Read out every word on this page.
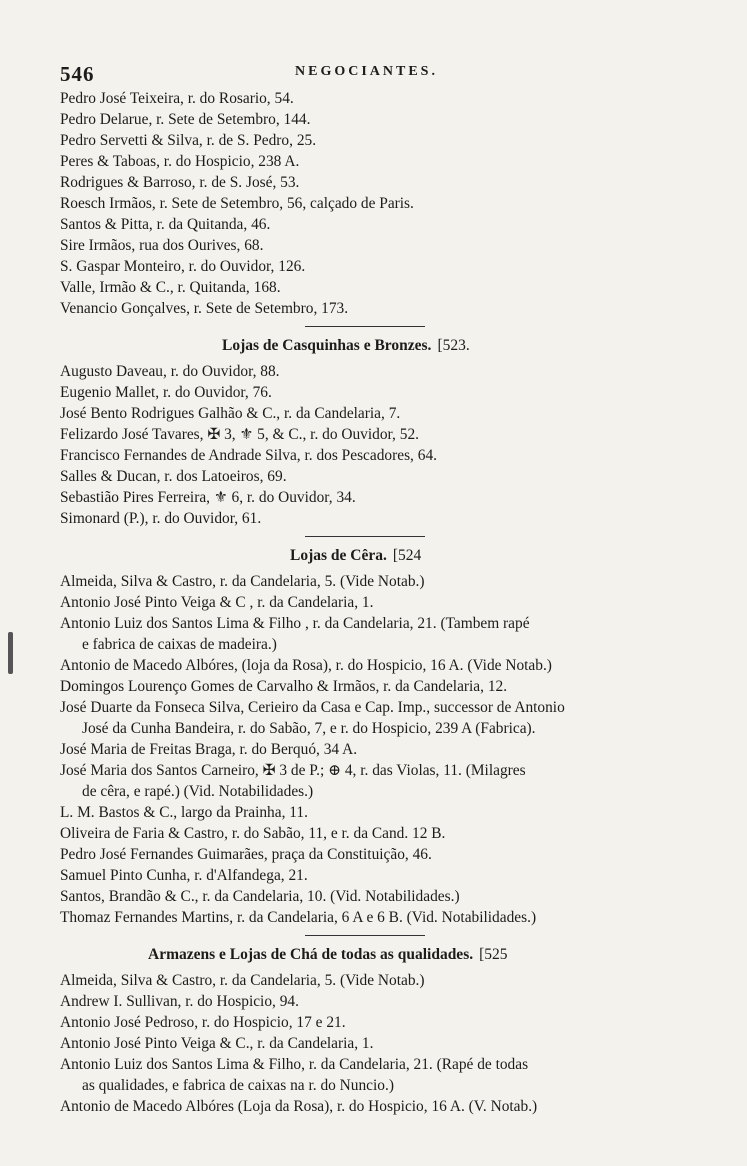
546	NEGOCIANTES.
Pedro José Teixeira, r. do Rosario, 54.
Pedro Delarue, r. Sete de Setembro, 144.
Pedro Servetti & Silva, r. de S. Pedro, 25.
Peres & Taboas, r. do Hospicio, 238 A.
Rodrigues & Barroso, r. de S. José, 53.
Roesch Irmãos, r. Sete de Setembro, 56, calçado de Paris.
Santos & Pitta, r. da Quitanda, 46.
Sire Irmãos, rua dos Ourives, 68.
S. Gaspar Monteiro, r. do Ouvidor, 126.
Valle, Irmão & C., r. Quitanda, 168.
Venancio Gonçalves, r. Sete de Setembro, 173.
Lojas de Casquinhas e Bronzes. [523.
Augusto Daveau, r. do Ouvidor, 88.
Eugenio Mallet, r. do Ouvidor, 76.
José Bento Rodrigues Galhão & C., r. da Candelaria, 7.
Felizardo José Tavares, ✠ 3, ⚜ 5, & C., r. do Ouvidor, 52.
Francisco Fernandes de Andrade Silva, r. dos Pescadores, 64.
Salles & Ducan, r. dos Latoeiros, 69.
Sebastião Pires Ferreira, ⚜ 6, r. do Ouvidor, 34.
Simonard (P.), r. do Ouvidor, 61.
Lojas de Cêra. [524
Almeida, Silva & Castro, r. da Candelaria, 5. (Vide Notab.)
Antonio José Pinto Veiga & C , r. da Candelaria, 1.
Antonio Luiz dos Santos Lima & Filho , r. da Candelaria, 21. (Tambem rapé
e fabrica de caixas de madeira.)
Antonio de Macedo Albóres, (loja da Rosa), r. do Hospicio, 16 A. (Vide Notab.)
Domingos Lourenço Gomes de Carvalho & Irmãos, r. da Candelaria, 12.
José Duarte da Fonseca Silva, Cerieiro da Casa e Cap. Imp., successor de Antonio
José da Cunha Bandeira, r. do Sabão, 7, e r. do Hospicio, 239 A (Fabrica).
José Maria de Freitas Braga, r. do Berquó, 34 A.
José Maria dos Santos Carneiro, ✠ 3 de P.; ⊕ 4, r. das Violas, 11. (Milagres
de cêra, e rapé.) (Vid. Notabilidades.)
L. M. Bastos & C., largo da Prainha, 11.
Oliveira de Faria & Castro, r. do Sabão, 11, e r. da Cand. 12 B.
Pedro José Fernandes Guimarães, praça da Constituição, 46.
Samuel Pinto Cunha, r. d'Alfandega, 21.
Santos, Brandão & C., r. da Candelaria, 10. (Vid. Notabilidades.)
Thomaz Fernandes Martins, r. da Candelaria, 6 A e 6 B. (Vid. Notabilidades.)
Armazens e Lojas de Chá de todas as qualidades. [525
Almeida, Silva & Castro, r. da Candelaria, 5. (Vide Notab.)
Andrew I. Sullivan, r. do Hospicio, 94.
Antonio José Pedroso, r. do Hospicio, 17 e 21.
Antonio José Pinto Veiga & C., r. da Candelaria, 1.
Antonio Luiz dos Santos Lima & Filho, r. da Candelaria, 21. (Rapé de todas
as qualidades, e fabrica de caixas na r. do Nuncio.)
Antonio de Macedo Albóres (Loja da Rosa), r. do Hospicio, 16 A. (V. Notab.)
